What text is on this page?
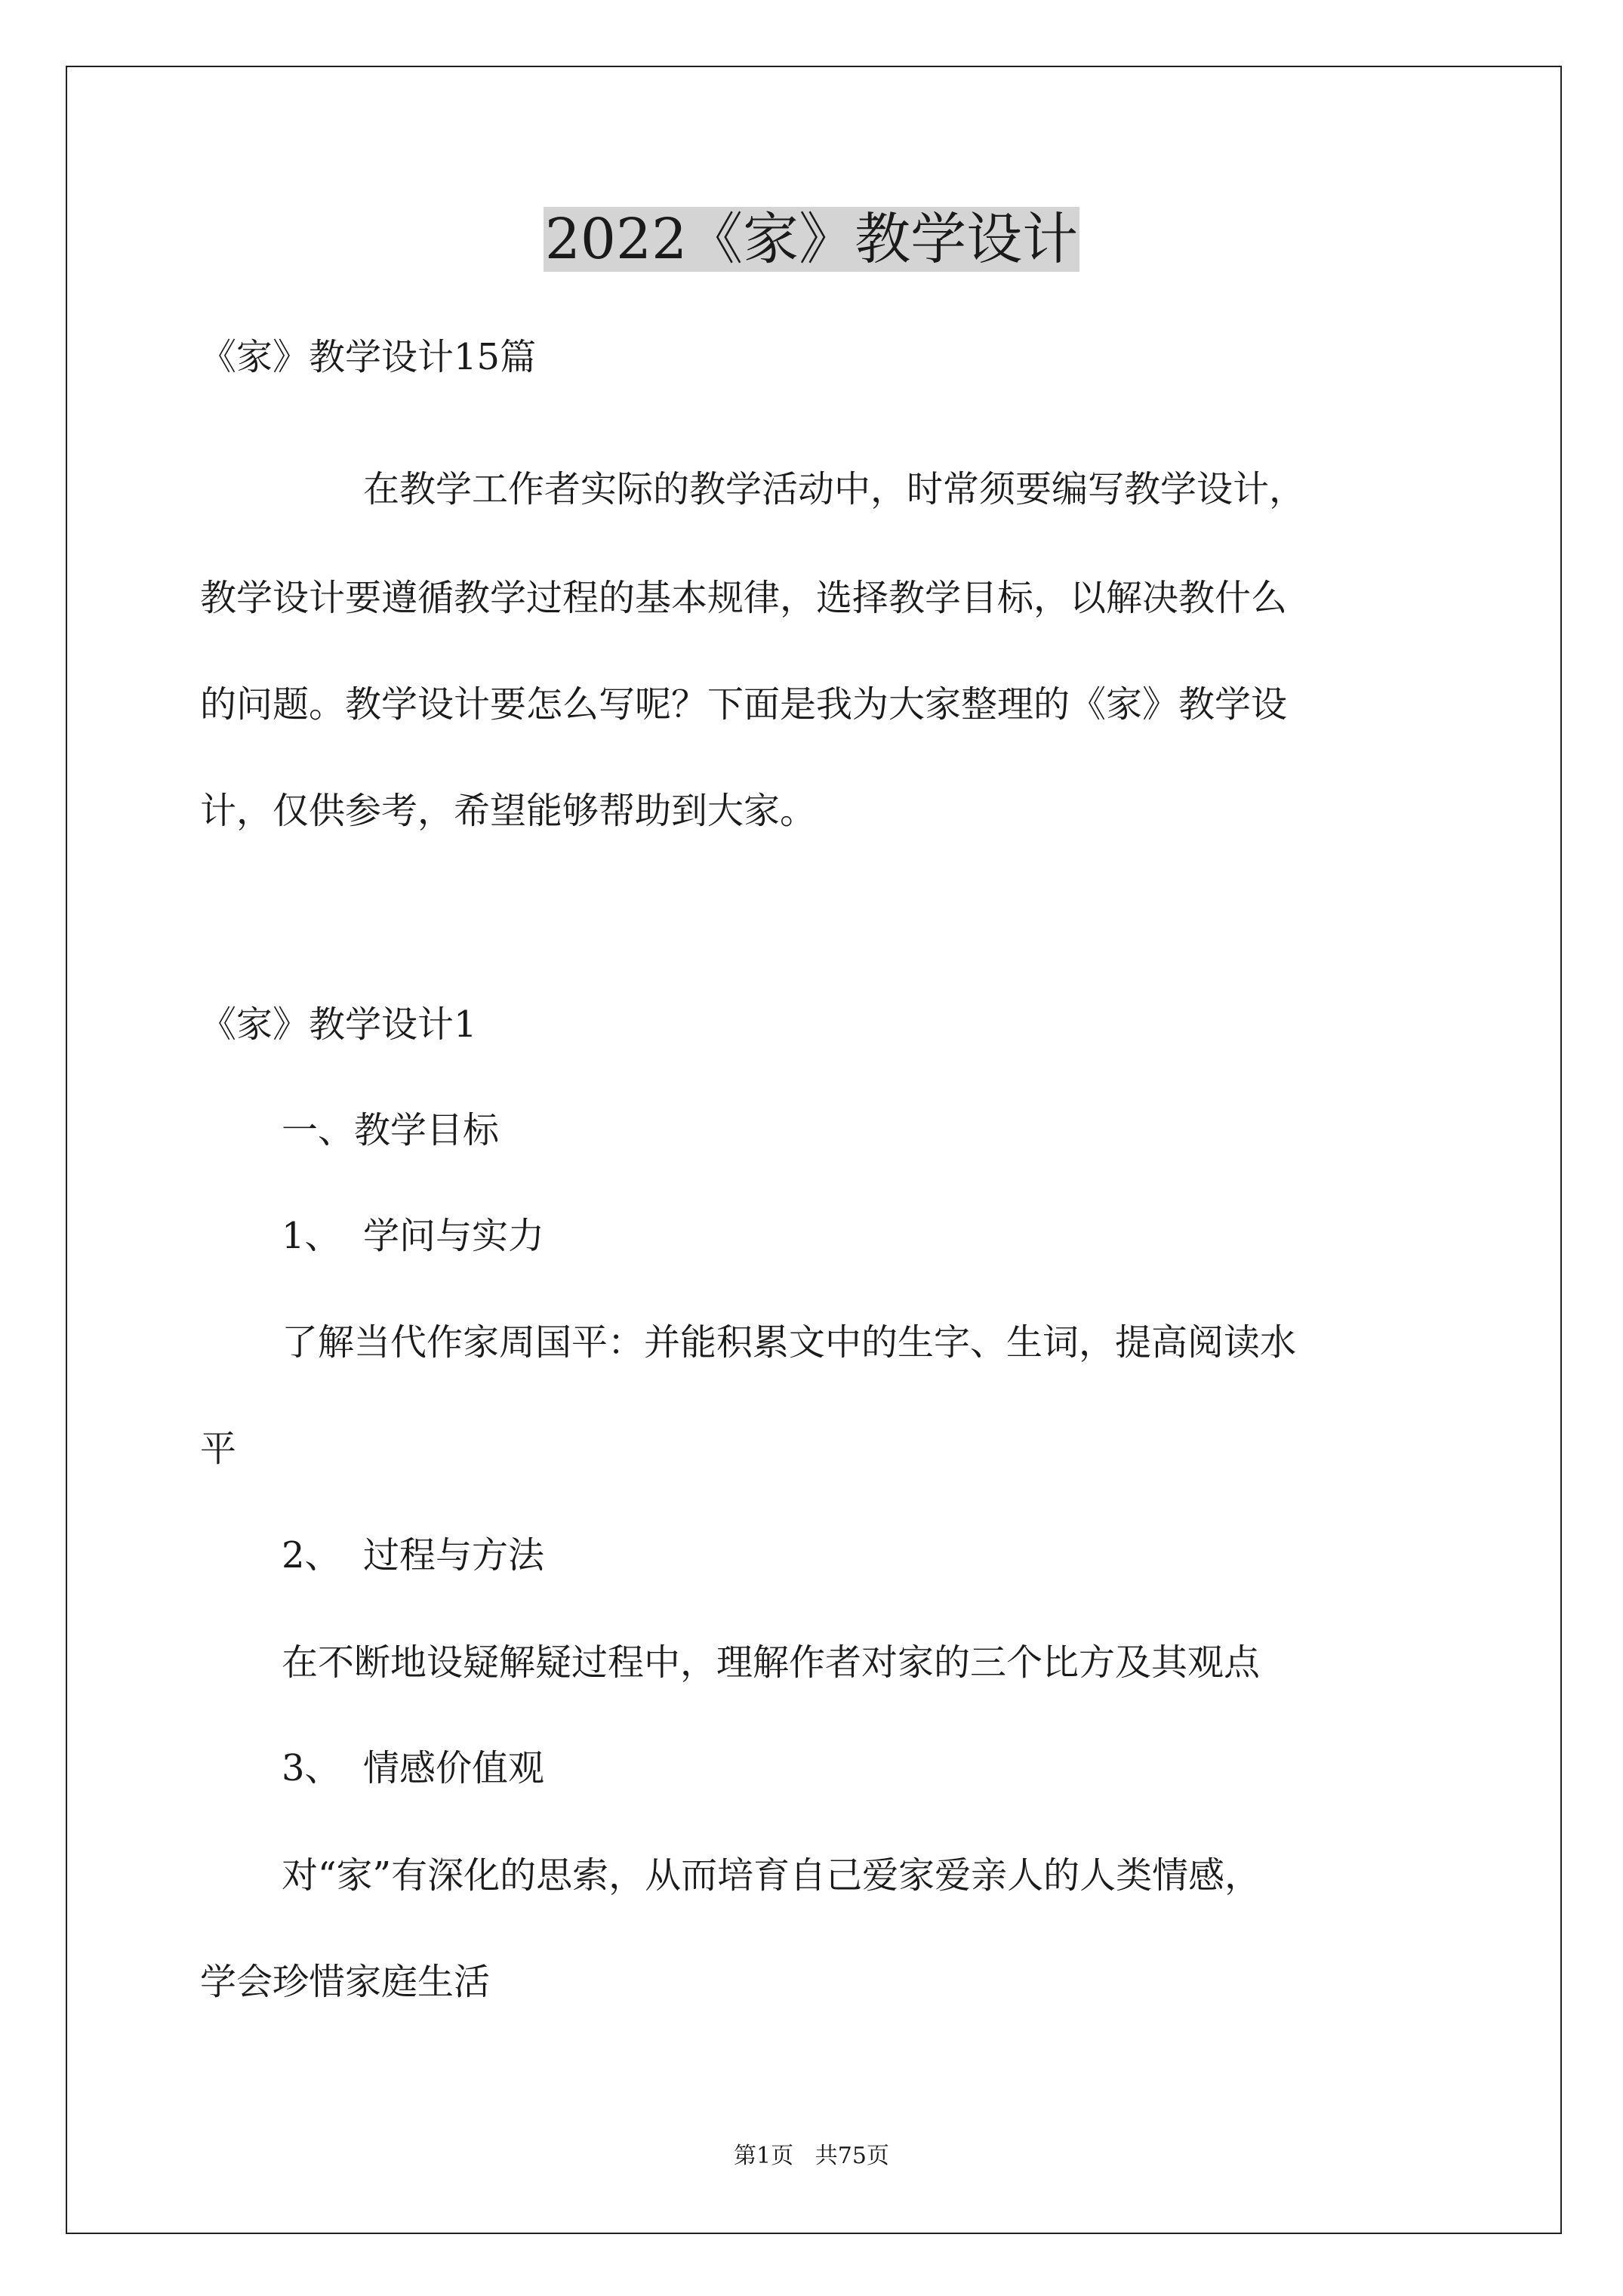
2022《家》教学设计
《家》教学设计15篇
在教学工作者实际的教学活动中，时常须要编写教学设计，
教学设计要遵循教学过程的基本规律，选择教学目标，以解决教什么
的问题。教学设计要怎么写呢？下面是我为大家整理的《家》教学设
计，仅供参考，希望能够帮助到大家。
《家》教学设计1
一、教学目标
1、 学问与实力
了解当代作家周国平：并能积累文中的生字、生词，提高阅读水
平
2、 过程与方法
在不断地设疑解疑过程中，理解作者对家的三个比方及其观点
3、 情感价值观
对“家”有深化的思索，从而培育自己爱家爱亲人的人类情感，
学会珍惜家庭生活
第1页 共75页
